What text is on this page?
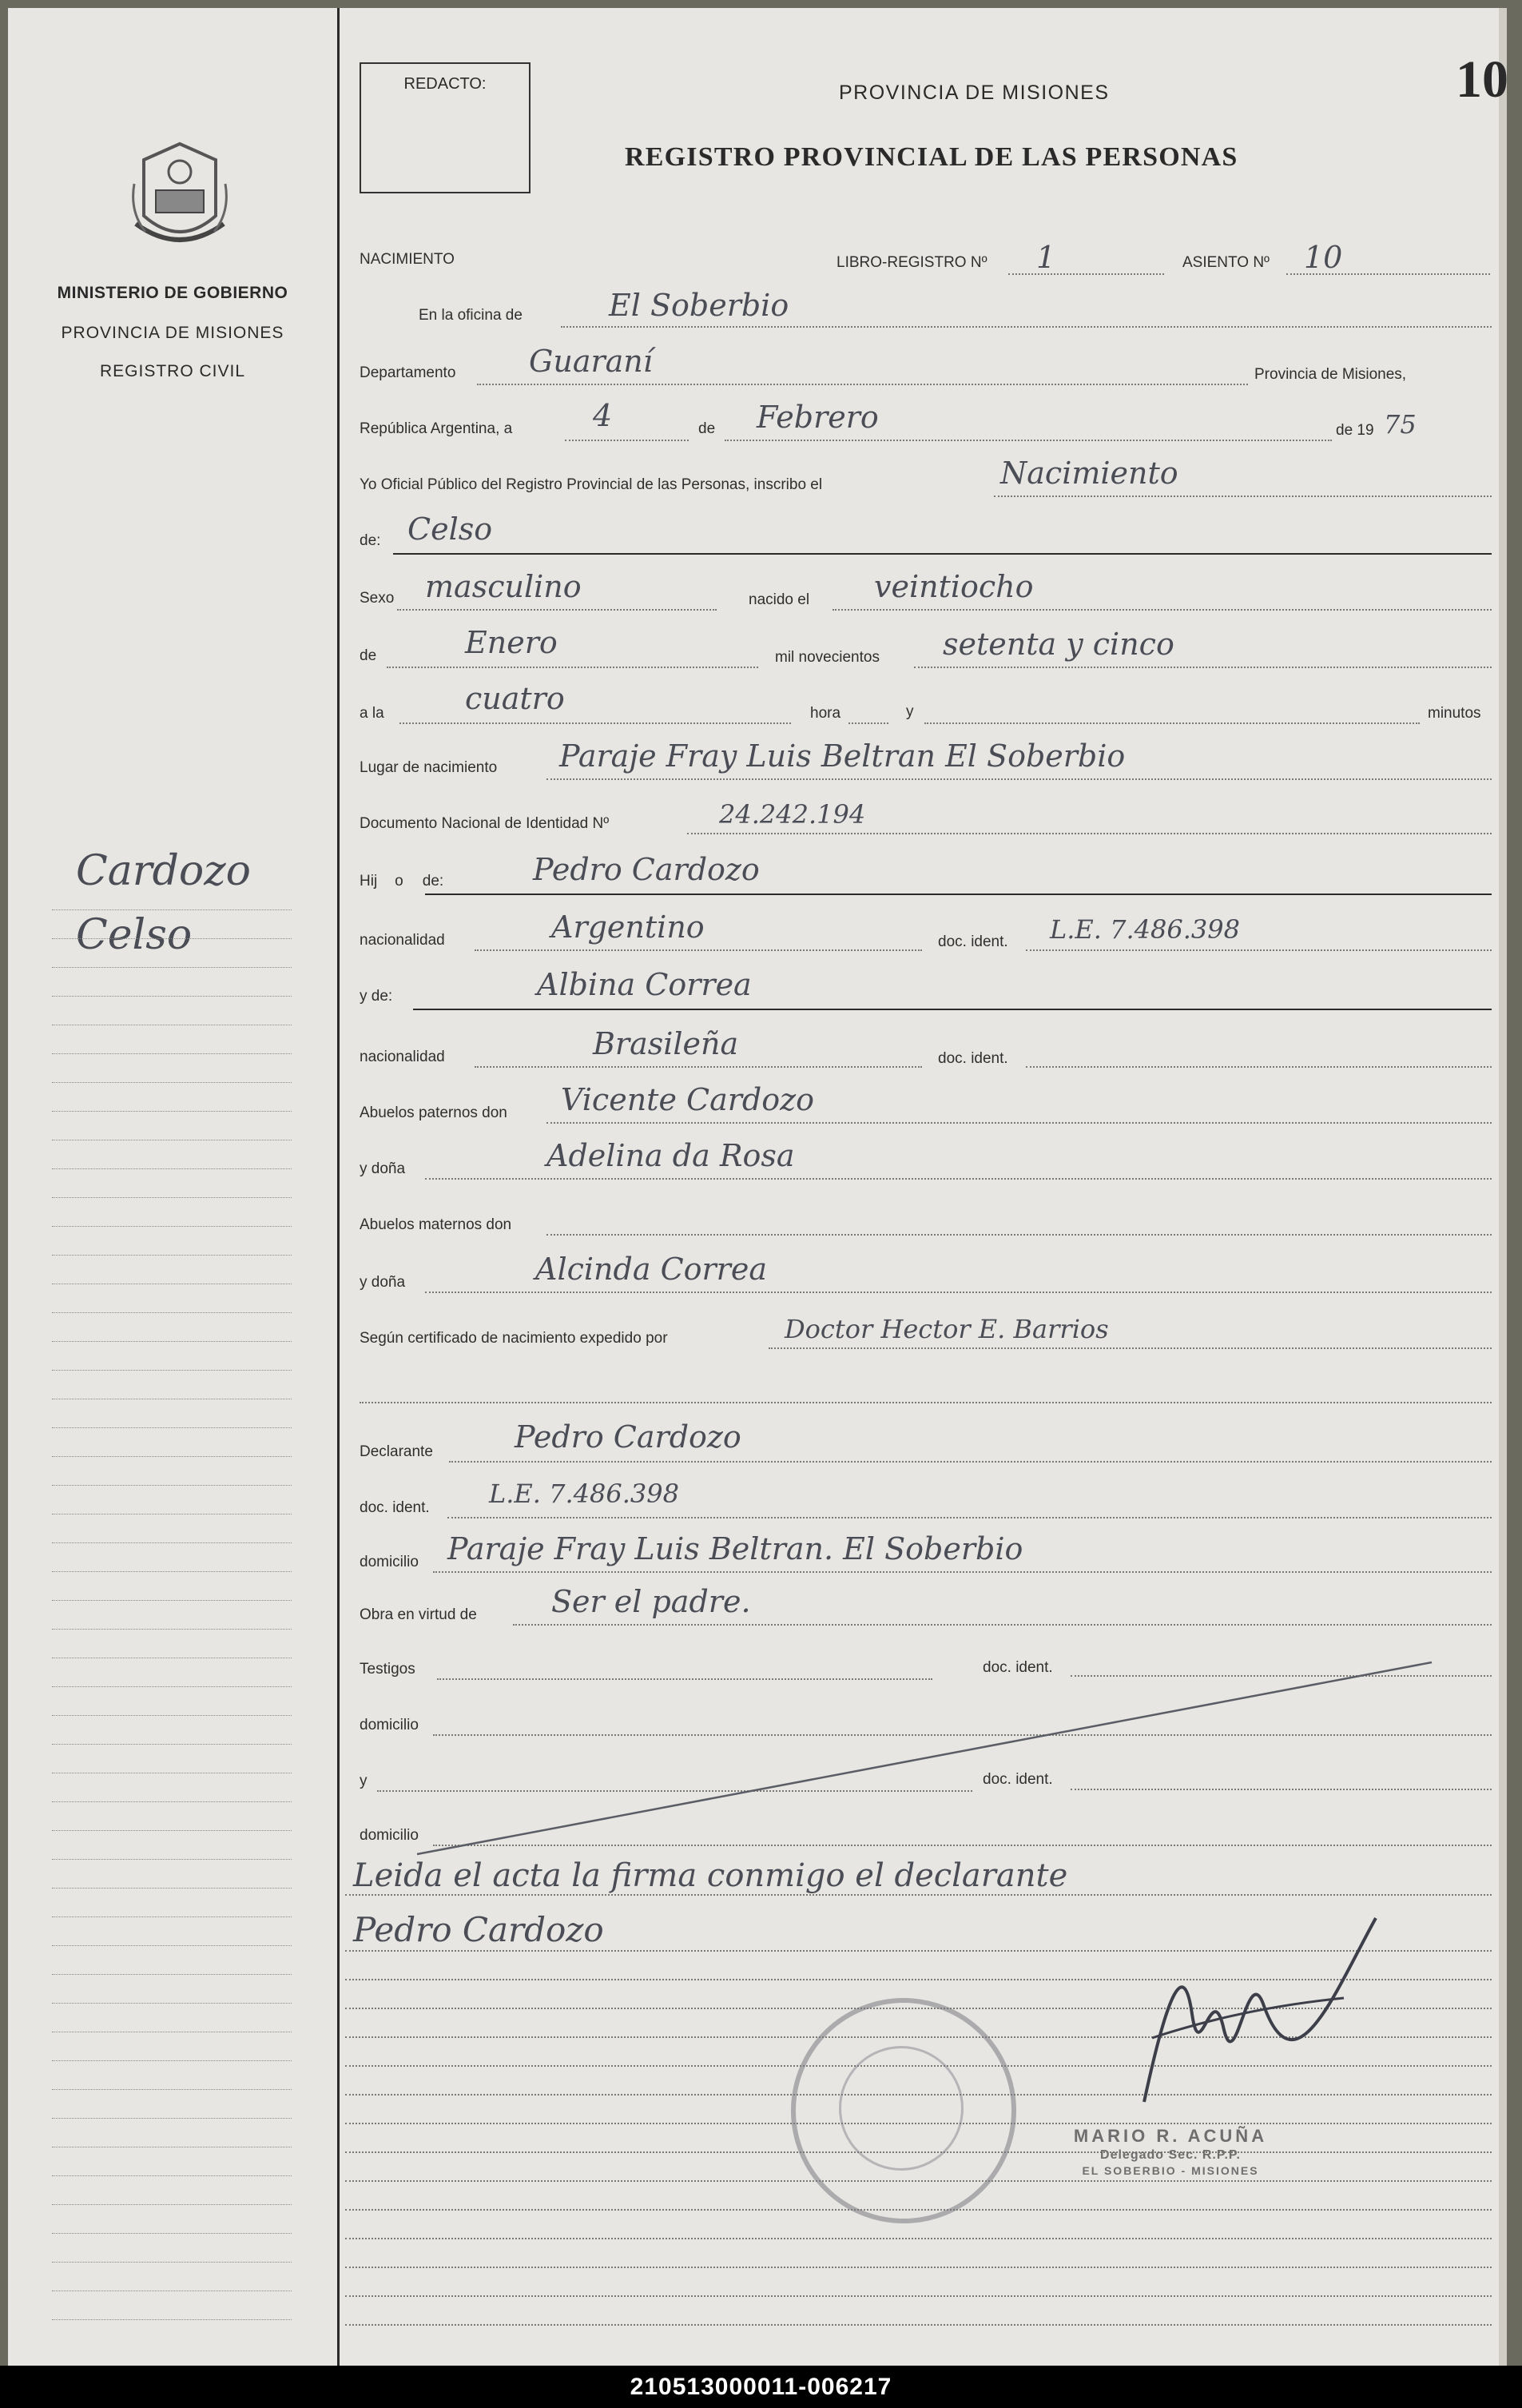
MINISTERIO DE GOBIERNO
PROVINCIA DE MISIONES
REGISTRO CIVIL
Cardozo
Celso
REDACTO:	10
PROVINCIA DE MISIONES
REGISTRO PROVINCIAL DE LAS PERSONAS
NACIMIENTO	LIBRO-REGISTRO Nº 1	ASIENTO Nº 10
En la oficina de	El Soberbio
Departamento Guaraní	Provincia de Misiones,
República Argentina, a	4	de Febrero	de 19 75
Yo Oficial Público del Registro Provincial de las Personas, inscribo el	Nacimiento
de: Celso
Sexo masculino	nacido el veintiocho
de	Enero	mil novecientos setenta y cinco
a la	cuatro	hora	y	minutos
Lugar de nacimiento Paraje Fray Luis Beltran El Soberbio
Documento Nacional de Identidad Nº	24.242.194
Hij o de:	Pedro Cardozo
nacionalidad	Argentino	doc. ident. L.E. 7.486.398
y de:	Albina Correa
nacionalidad	Brasileña	doc. ident.
Abuelos paternos don Vicente Cardozo
y doña	Adelina da Rosa
Abuelos maternos don
y doña	Alcinda Correa
Según certificado de nacimiento expedido por	Doctor Hector E. Barrios
Declarante	Pedro Cardozo
doc. ident. L.E. 7.486.398
domicilio Paraje Fray Luis Beltran. El Soberbio
Obra en virtud de Ser el padre.
Testigos	doc. ident.
domicilio
y	doc. ident.
domicilio
Leida el acta la firma conmigo el declarante
Pedro Cardozo
MARIO R. ACUÑA
Delegado Sec. R.P.P.
EL SOBERBIO - MISIONES
210513000011-006217
